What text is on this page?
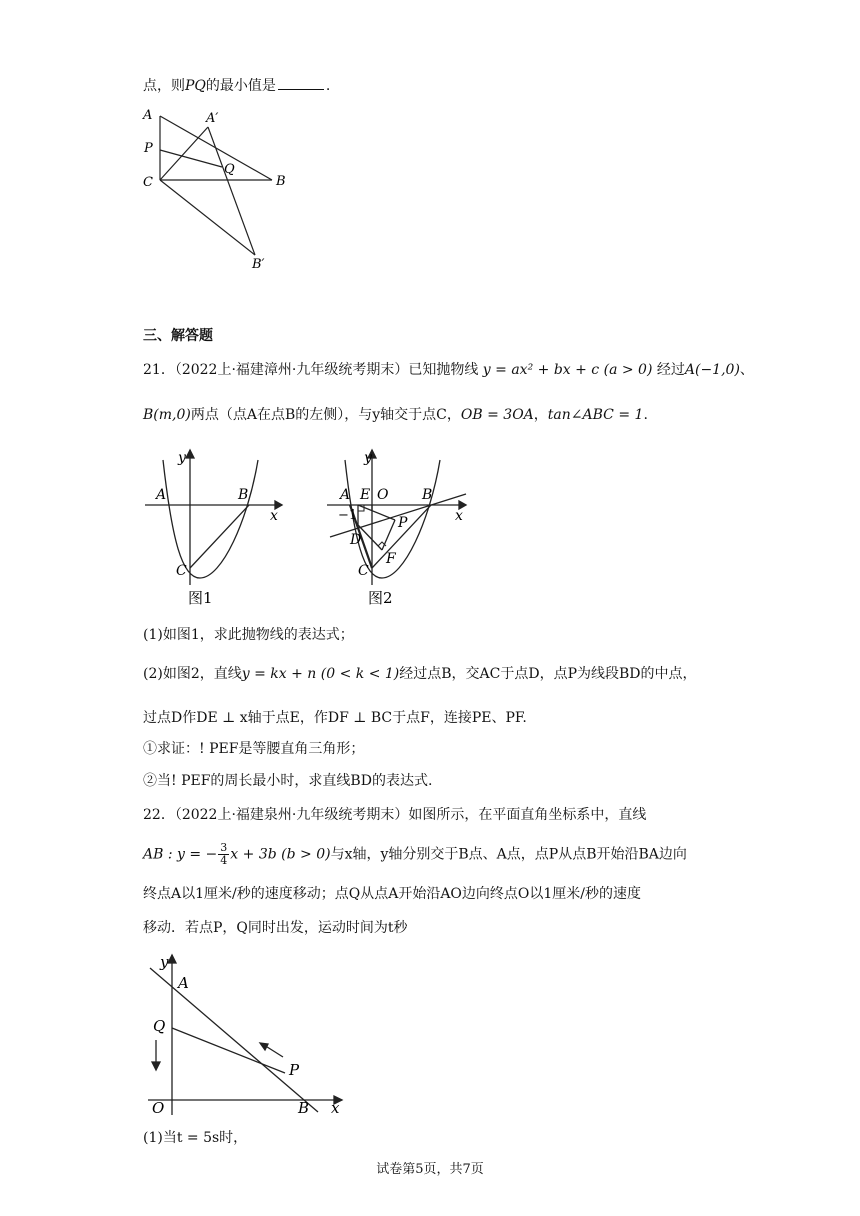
点，则PQ的最小值是	.
A	A′
P
Q
C	B
B′
三、解答题
21．（2022上·福建漳州·九年级统考期末）已知抛物线 y = ax² + bx + c (a > 0) 经过A(−1,0)、
B(m,0)两点（点A在点B的左侧），与y轴交于点C，OB = 3OA，tan∠ABC = 1.
y
x
A	B
C
图1
y
x
A E O B
−1	P
D
F
C
图2
(1)如图1，求此抛物线的表达式；
(2)如图2，直线y = kx + n (0 < k < 1)经过点B，交AC于点D，点P为线段BD的中点，
过点D作DE ⊥ x轴于点E，作DF ⊥ BC于点F，连接PE、PF.
①求证：! PEF是等腰直角三角形；
②当! PEF的周长最小时，求直线BD的表达式.
22．（2022上·福建泉州·九年级统考期末）如图所示，在平面直角坐标系中，直线
AB : y = − $\frac{3}{4}$ x + 3b (b > 0)与x轴，y轴分别交于B点、A点，点P从点B开始沿BA边向
终点A以1厘米/秒的速度移动；点Q从点A开始沿AO边向终点O以1厘米/秒的速度
移动．若点P，Q同时出发，运动时间为t秒
y
x
A
Q
P
O	B
(1)当t = 5s时，
试卷第5页，共7页
